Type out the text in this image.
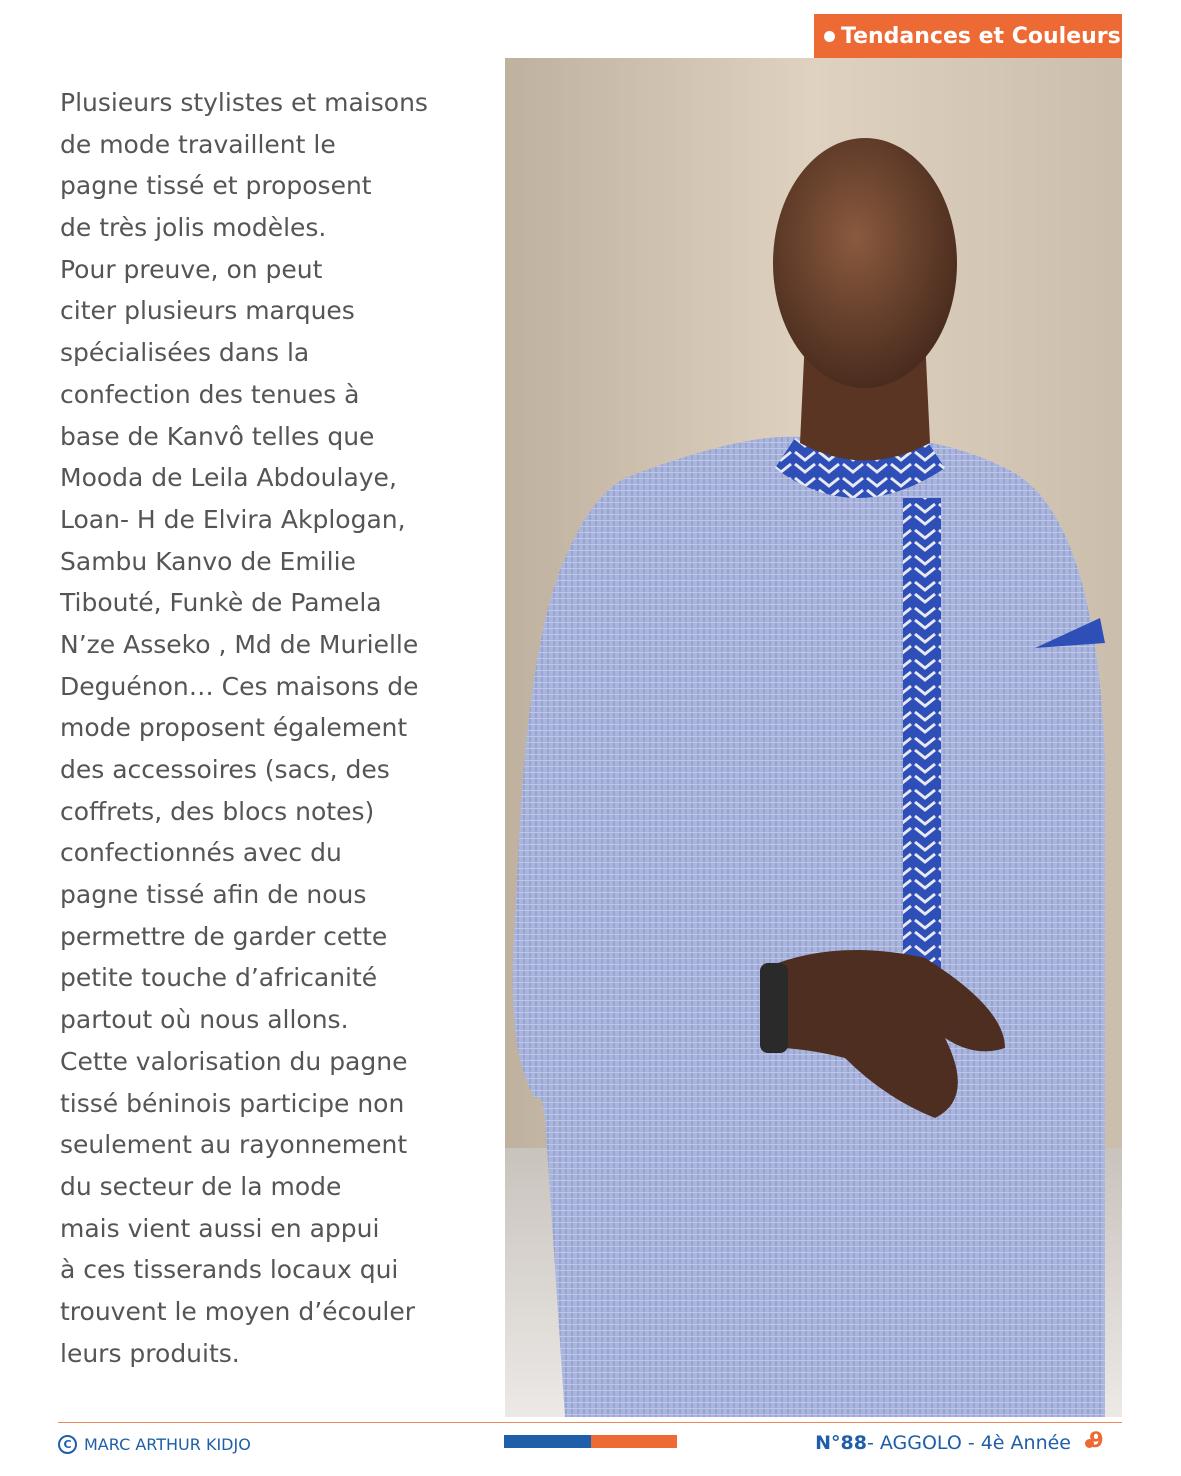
Tendances et Couleurs
Plusieurs stylistes et maisons
de mode travaillent le
pagne tissé et proposent
de très jolis modèles.
Pour preuve, on peut
citer plusieurs marques
spécialisées dans la
confection des tenues à
base de Kanvô telles que
Mooda de Leila Abdoulaye,
Loan- H de Elvira Akplogan,
Sambu Kanvo de Emilie
Tibouté, Funkè de Pamela
N’ze Asseko , Md de Murielle
Deguénon… Ces maisons de
mode proposent également
des accessoires (sacs, des
coffrets, des blocs notes)
confectionnés avec du
pagne tissé afin de nous
permettre de garder cette
petite touche d’africanité
partout où nous allons.
Cette valorisation du pagne
tissé béninois participe non
seulement au rayonnement
du secteur de la mode
mais vient aussi en appui
à ces tisserands locaux qui
trouvent le moyen d’écouler
leurs produits.
C MARC ARTHUR KIDJO	N°88 - AGGOLO - 4è Année 9
